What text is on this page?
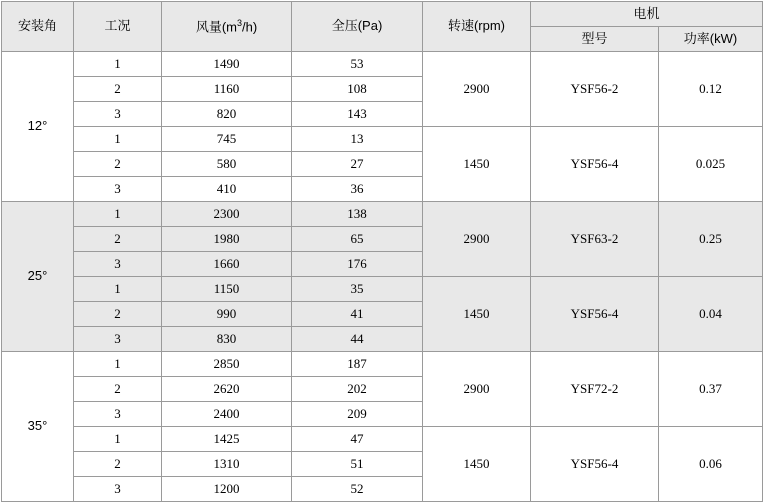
安装角	工况	风量$(m^3/h)$	全压(Pa)	转速(rpm)	电机	
					型号	功率(kW)
12°	1	1490	53	2900	YSF56-2	0.12
	2	1160	108			
	3	820	143			
	1	745	13	1450	YSF56-4	0.025
	2	580	27			
	3	410	36			
25°	1	2300	138	2900	YSF63-2	0.25
	2	1980	65			
	3	1660	176			
	1	1150	35	1450	YSF56-4	0.04
	2	990	41			
	3	830	44			
35°	1	2850	187	2900	YSF72-2	0.37
	2	2620	202			
	3	2400	209			
	1	1425	47	1450	YSF56-4	0.06
	2	1310	51			
	3	1200	52			
